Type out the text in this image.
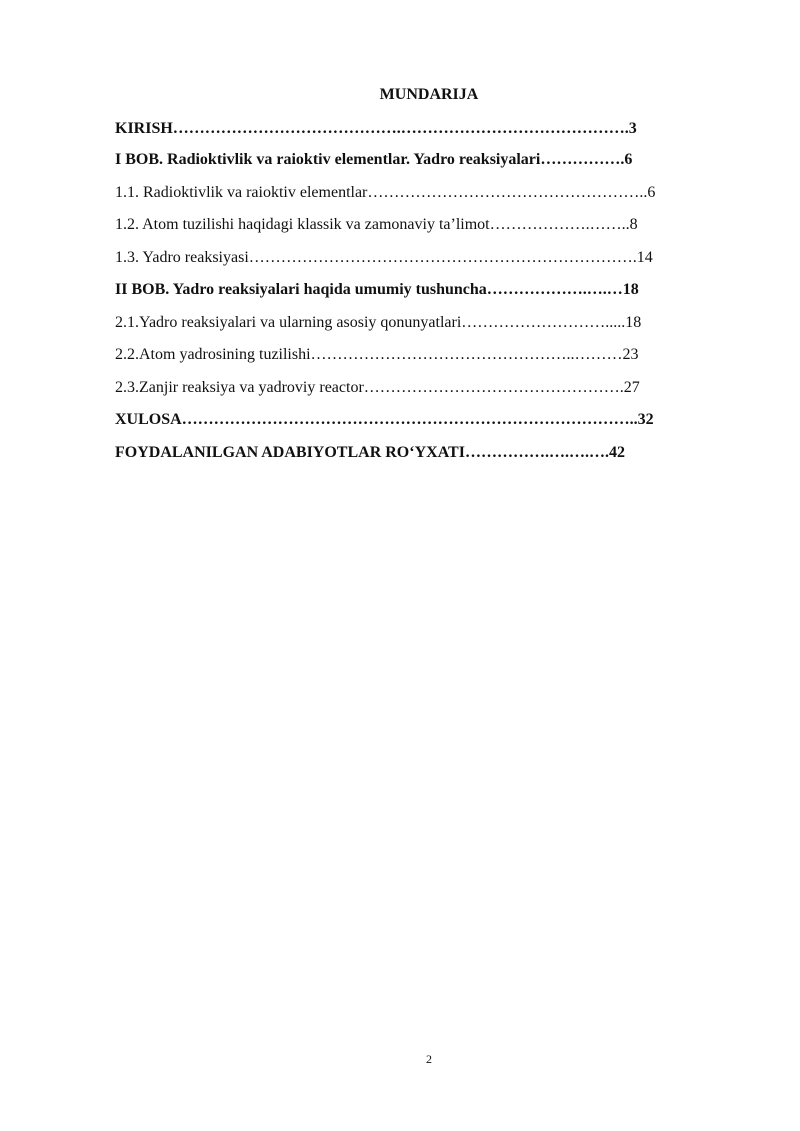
MUNDARIJA
KIRISH…………………………………….…………………………………….3
I BOB. Radioktivlik va raioktiv elementlar. Yadro reaksiyalari…………….6
1.1. Radioktivlik va raioktiv elementlar……………………………………………..6
1.2. Atom tuzilishi haqidagi klassik va zamonaviy ta’limot……………….……..8
1.3. Yadro reaksiyasi……………………………………………………………….14
II BOB. Yadro reaksiyalari haqida umumiy tushuncha……………….….…18
2.1.Yadro reaksiyalari va ularning asosiy qonunyatlari……………………….....18
2.2.Atom yadrosining tuzilishi…………………………………………..………23
2.3.Zanjir reaksiya va yadroviy reactor………………………………………….27
XULOSA…………………………………………………………………………..32
FOYDALANILGAN ADABIYOTLAR RO‘YXATI…………….….….….42
2
